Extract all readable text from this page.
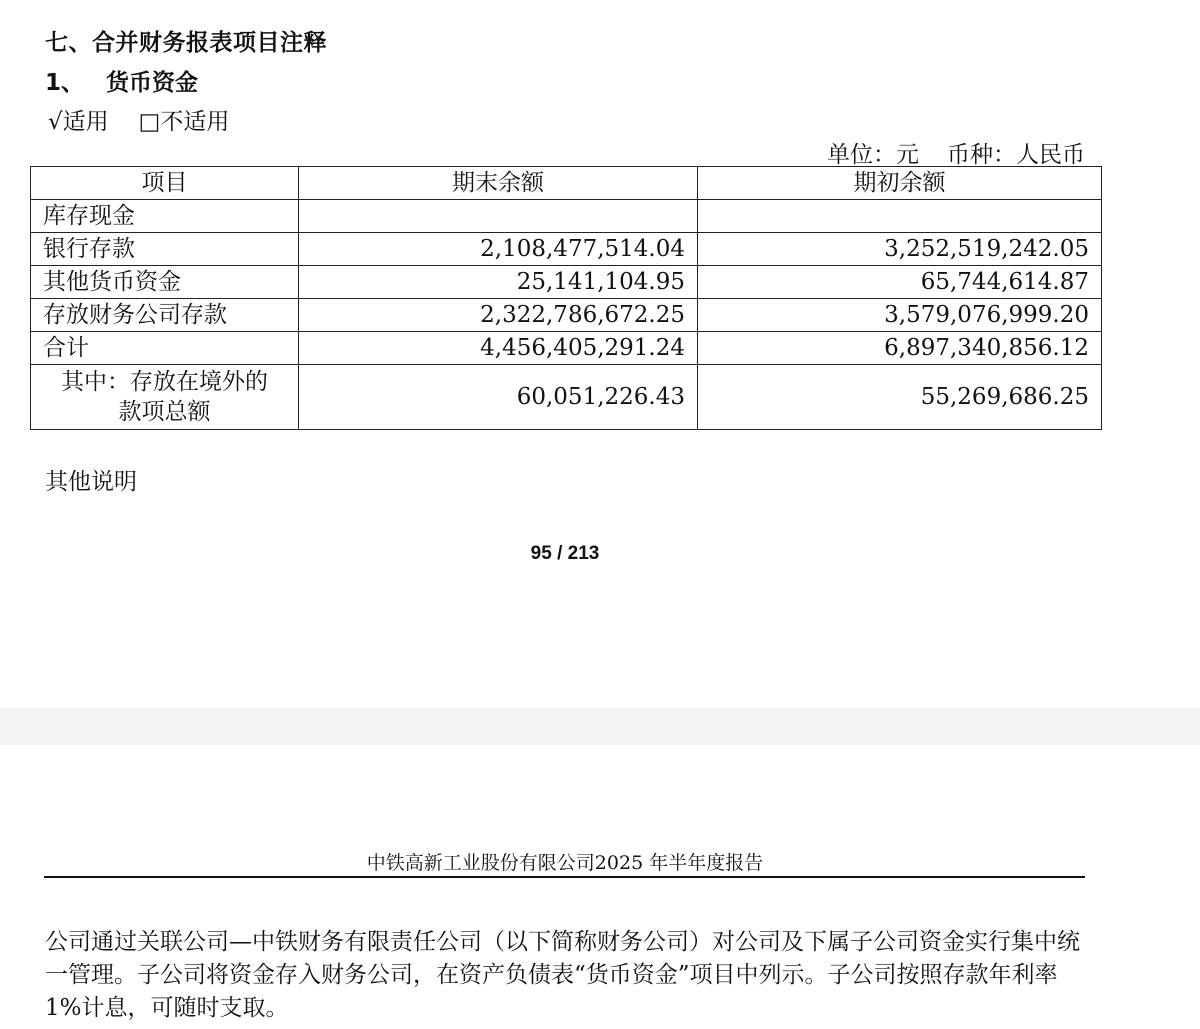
七、合并财务报表项目注释
1、 货币资金
√适用 □不适用
单位：元 币种：人民币
项目	期末余额	期初余额
库存现金		
银行存款	2,108,477,514.04	3,252,519,242.05
其他货币资金	25,141,104.95	65,744,614.87
存放财务公司存款	2,322,786,672.25	3,579,076,999.20
合计	4,456,405,291.24	6,897,340,856.12

其中：存放在境外的
款项总额	60,051,226.43	55,269,686.25
其他说明
95 / 213
中铁高新工业股份有限公司2025 年半年度报告
公司通过关联公司—中铁财务有限责任公司（以下简称财务公司）对公司及下属子公司资金实行集中统一管理。子公司将资金存入财务公司，在资产负债表“货币资金”项目中列示。子公司按照存款年利率 1%计息，可随时支取。
